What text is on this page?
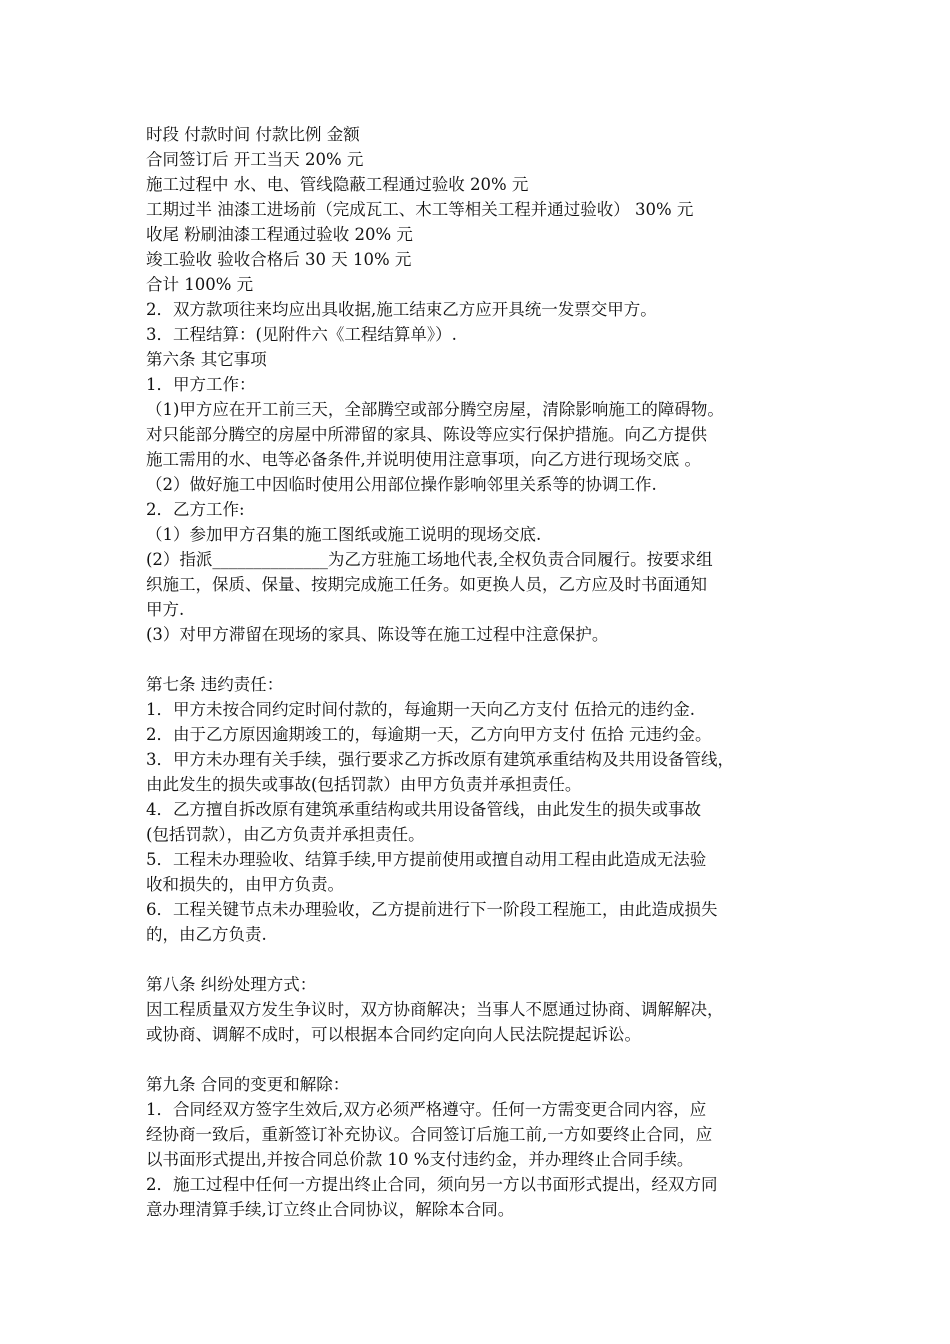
时段 付款时间 付款比例 金额
合同签订后 开工当天 20% 元
施工过程中 水、电、管线隐蔽工程通过验收 20% 元
工期过半 油漆工进场前（完成瓦工、木工等相关工程并通过验收） 30% 元
收尾 粉刷油漆工程通过验收 20% 元
竣工验收 验收合格后 30 天 10% 元
合计 100% 元
2．双方款项往来均应出具收据,施工结束乙方应开具统一发票交甲方。
3．工程结算：(见附件六《工程结算单》）.
第六条 其它事项
1．甲方工作：
（1)甲方应在开工前三天，全部腾空或部分腾空房屋，清除影响施工的障碍物。
对只能部分腾空的房屋中所滞留的家具、陈设等应实行保护措施。向乙方提供
施工需用的水、电等必备条件,并说明使用注意事项，向乙方进行现场交底 。
（2）做好施工中因临时使用公用部位操作影响邻里关系等的协调工作.
2．乙方工作:
（1）参加甲方召集的施工图纸或施工说明的现场交底.
(2）指派______________为乙方驻施工场地代表,全权负责合同履行。按要求组
织施工，保质、保量、按期完成施工任务。如更换人员，乙方应及时书面通知
甲方.
(3）对甲方滞留在现场的家具、陈设等在施工过程中注意保护。
第七条 违约责任：
1．甲方未按合同约定时间付款的，每逾期一天向乙方支付 伍拾元的违约金.
2．由于乙方原因逾期竣工的，每逾期一天，乙方向甲方支付 伍拾 元违约金。
3．甲方未办理有关手续，强行要求乙方拆改原有建筑承重结构及共用设备管线，
由此发生的损失或事故(包括罚款）由甲方负责并承担责任。
4．乙方擅自拆改原有建筑承重结构或共用设备管线，由此发生的损失或事故
(包括罚款），由乙方负责并承担责任。
5．工程未办理验收、结算手续,甲方提前使用或擅自动用工程由此造成无法验
收和损失的，由甲方负责。
6．工程关键节点未办理验收，乙方提前进行下一阶段工程施工，由此造成损失
的，由乙方负责.
第八条 纠纷处理方式：
因工程质量双方发生争议时，双方协商解决；当事人不愿通过协商、调解解决，
或协商、调解不成时，可以根据本合同约定向向人民法院提起诉讼。
第九条 合同的变更和解除：
1．合同经双方签字生效后,双方必须严格遵守。任何一方需变更合同内容，应
经协商一致后，重新签订补充协议。合同签订后施工前,一方如要终止合同，应
以书面形式提出,并按合同总价款 10 %支付违约金，并办理终止合同手续。
2．施工过程中任何一方提出终止合同，须向另一方以书面形式提出，经双方同
意办理清算手续,订立终止合同协议，解除本合同。
